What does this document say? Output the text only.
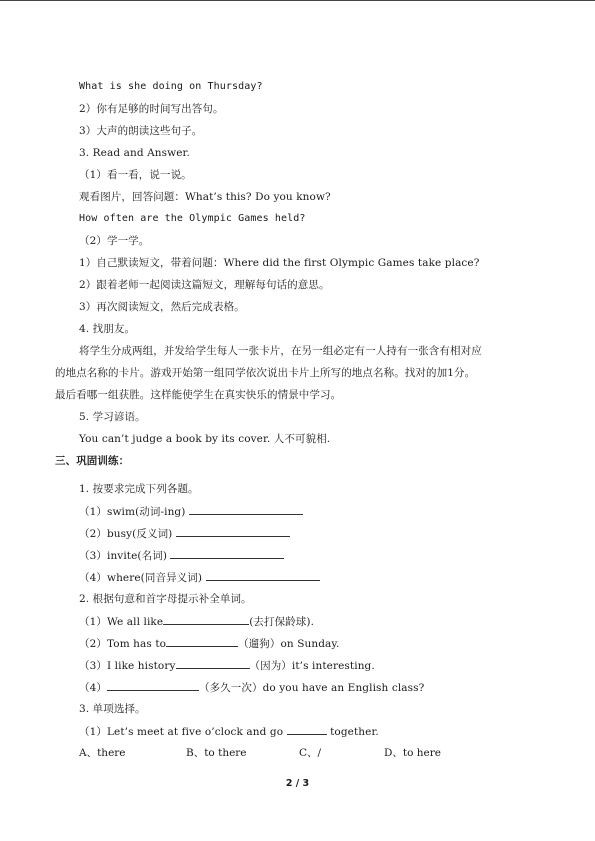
What is she doing on Thursday?
2）你有足够的时间写出答句。
3）大声的朗读这些句子。
3. Read and Answer.
（1）看一看，说一说。
观看图片，回答问题：What’s this? Do you know?
How often are the Olympic Games held?
（2）学一学。
1）自己默读短文，带着问题：Where did the first Olympic Games take place?
2）跟着老师一起阅读这篇短文，理解每句话的意思。
3）再次阅读短文，然后完成表格。
4. 找朋友。
将学生分成两组，并发给学生每人一张卡片，在另一组必定有一人持有一张含有相对应
的地点名称的卡片。游戏开始第一组同学依次说出卡片上所写的地点名称。找对的加1分。
最后看哪一组获胜。这样能使学生在真实快乐的情景中学习。
5. 学习谚语。
You can’t judge a book by its cover. 人不可貌相.
三、巩固训练：
1. 按要求完成下列各题。
（1）swim(动词-ing)
（2）busy(反义词)
（3）invite(名词)
（4）where(同音异义词)
2. 根据句意和首字母提示补全单词。
（1）We all like	(去打保龄球).
（2）Tom has to	（遛狗）on Sunday.
（3）I like history	（因为）it’s interesting.
（4）	（多久一次）do you have an English class?
3. 单项选择。
（1）Let’s meet at five o’clock and go	together.
A、there	B、to there	C、/	D、to here
2 / 3
